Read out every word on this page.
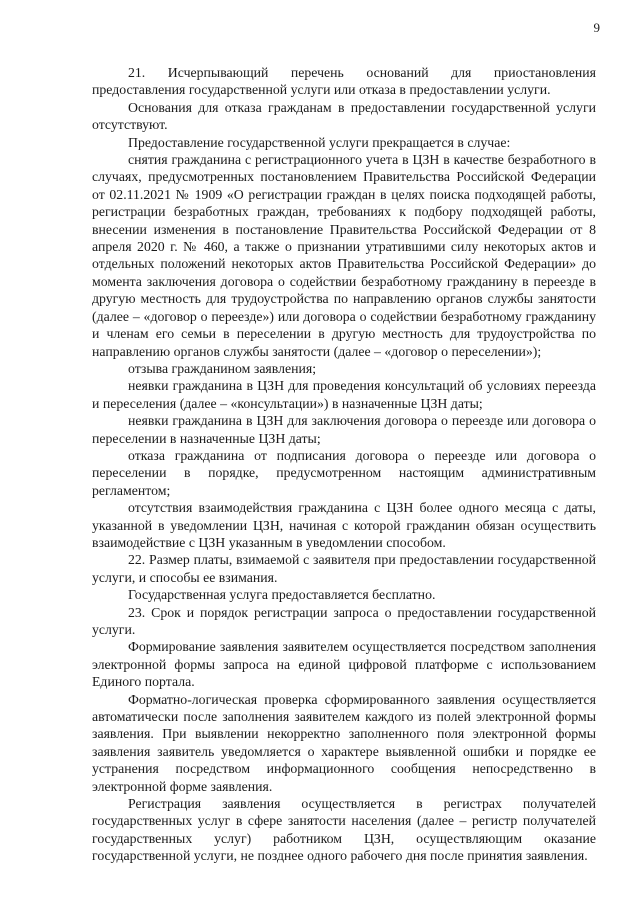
9

21. Исчерпывающий перечень оснований для приостановления предоставления государственной услуги или отказа в предоставлении услуги.

Основания для отказа гражданам в предоставлении государственной услуги отсутствуют.

Предоставление государственной услуги прекращается в случае:

снятия гражданина с регистрационного учета в ЦЗН в качестве безработного в случаях, предусмотренных постановлением Правительства Российской Федерации от 02.11.2021 № 1909 «О регистрации граждан в целях поиска подходящей работы, регистрации безработных граждан, требованиях к подбору подходящей работы, внесении изменения в постановление Правительства Российской Федерации от 8 апреля 2020 г. № 460, а также о признании утратившими силу некоторых актов и отдельных положений некоторых актов Правительства Российской Федерации» до момента заключения договора о содействии безработному гражданину в переезде в другую местность для трудоустройства по направлению органов службы занятости (далее – «договор о переезде») или договора о содействии безработному гражданину и членам его семьи в переселении в другую местность для трудоустройства по направлению органов службы занятости (далее – «договор о переселении»);

отзыва гражданином заявления;

неявки гражданина в ЦЗН для проведения консультаций об условиях переезда и переселения (далее – «консультации») в назначенные ЦЗН даты;

неявки гражданина в ЦЗН для заключения договора о переезде или договора о переселении в назначенные ЦЗН даты;

отказа гражданина от подписания договора о переезде или договора о переселении в порядке, предусмотренном настоящим административным регламентом;

отсутствия взаимодействия гражданина с ЦЗН более одного месяца с даты, указанной в уведомлении ЦЗН, начиная с которой гражданин обязан осуществить взаимодействие с ЦЗН указанным в уведомлении способом.

22. Размер платы, взимаемой с заявителя при предоставлении государственной услуги, и способы ее взимания.

Государственная услуга предоставляется бесплатно.

23. Срок и порядок регистрации запроса о предоставлении государственной услуги.

Формирование заявления заявителем осуществляется посредством заполнения электронной формы запроса на единой цифровой платформе с использованием Единого портала.

Форматно-логическая проверка сформированного заявления осуществляется автоматически после заполнения заявителем каждого из полей электронной формы заявления. При выявлении некорректно заполненного поля электронной формы заявления заявитель уведомляется о характере выявленной ошибки и порядке ее устранения посредством информационного сообщения непосредственно в электронной форме заявления.

Регистрация заявления осуществляется в регистрах получателей государственных услуг в сфере занятости населения (далее – регистр получателей государственных услуг) работником ЦЗН, осуществляющим оказание государственной услуги, не позднее одного рабочего дня после принятия заявления.
